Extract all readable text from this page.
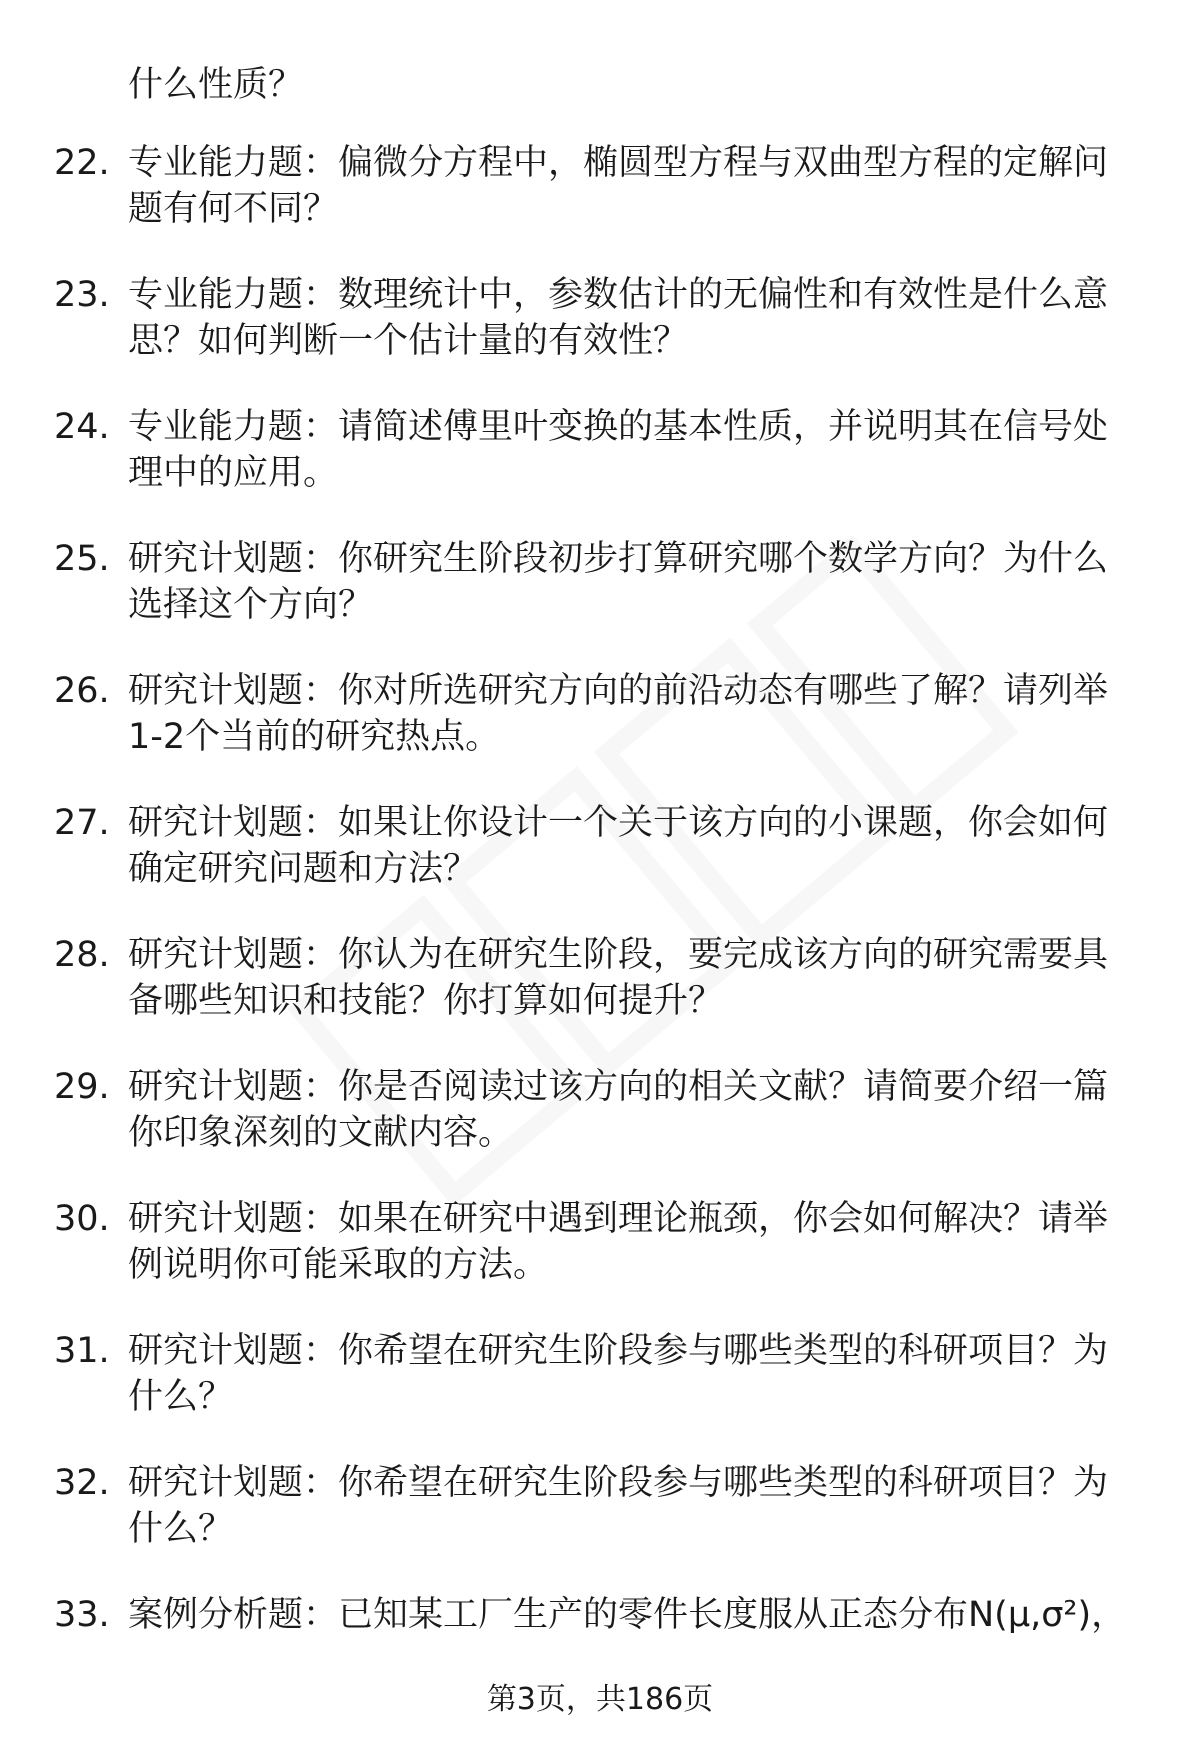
什么性质？
22. 专业能力题：偏微分方程中，椭圆型方程与双曲型方程的定解问
题有何不同？
23. 专业能力题：数理统计中，参数估计的无偏性和有效性是什么意
思？如何判断一个估计量的有效性？
24. 专业能力题：请简述傅里叶变换的基本性质，并说明其在信号处
理中的应用。
25. 研究计划题：你研究生阶段初步打算研究哪个数学方向？为什么
选择这个方向？
26. 研究计划题：你对所选研究方向的前沿动态有哪些了解？请列举
1-2个当前的研究热点。
27. 研究计划题：如果让你设计一个关于该方向的小课题，你会如何
确定研究问题和方法？
28. 研究计划题：你认为在研究生阶段，要完成该方向的研究需要具
备哪些知识和技能？你打算如何提升？
29. 研究计划题：你是否阅读过该方向的相关文献？请简要介绍一篇
你印象深刻的文献内容。
30. 研究计划题：如果在研究中遇到理论瓶颈，你会如何解决？请举
例说明你可能采取的方法。
31. 研究计划题：你希望在研究生阶段参与哪些类型的科研项目？为
什么？
32. 研究计划题：你希望在研究生阶段参与哪些类型的科研项目？为
什么？
33. 案例分析题：已知某工厂生产的零件长度服从正态分布N(μ,σ²)，
第3页，共186页
